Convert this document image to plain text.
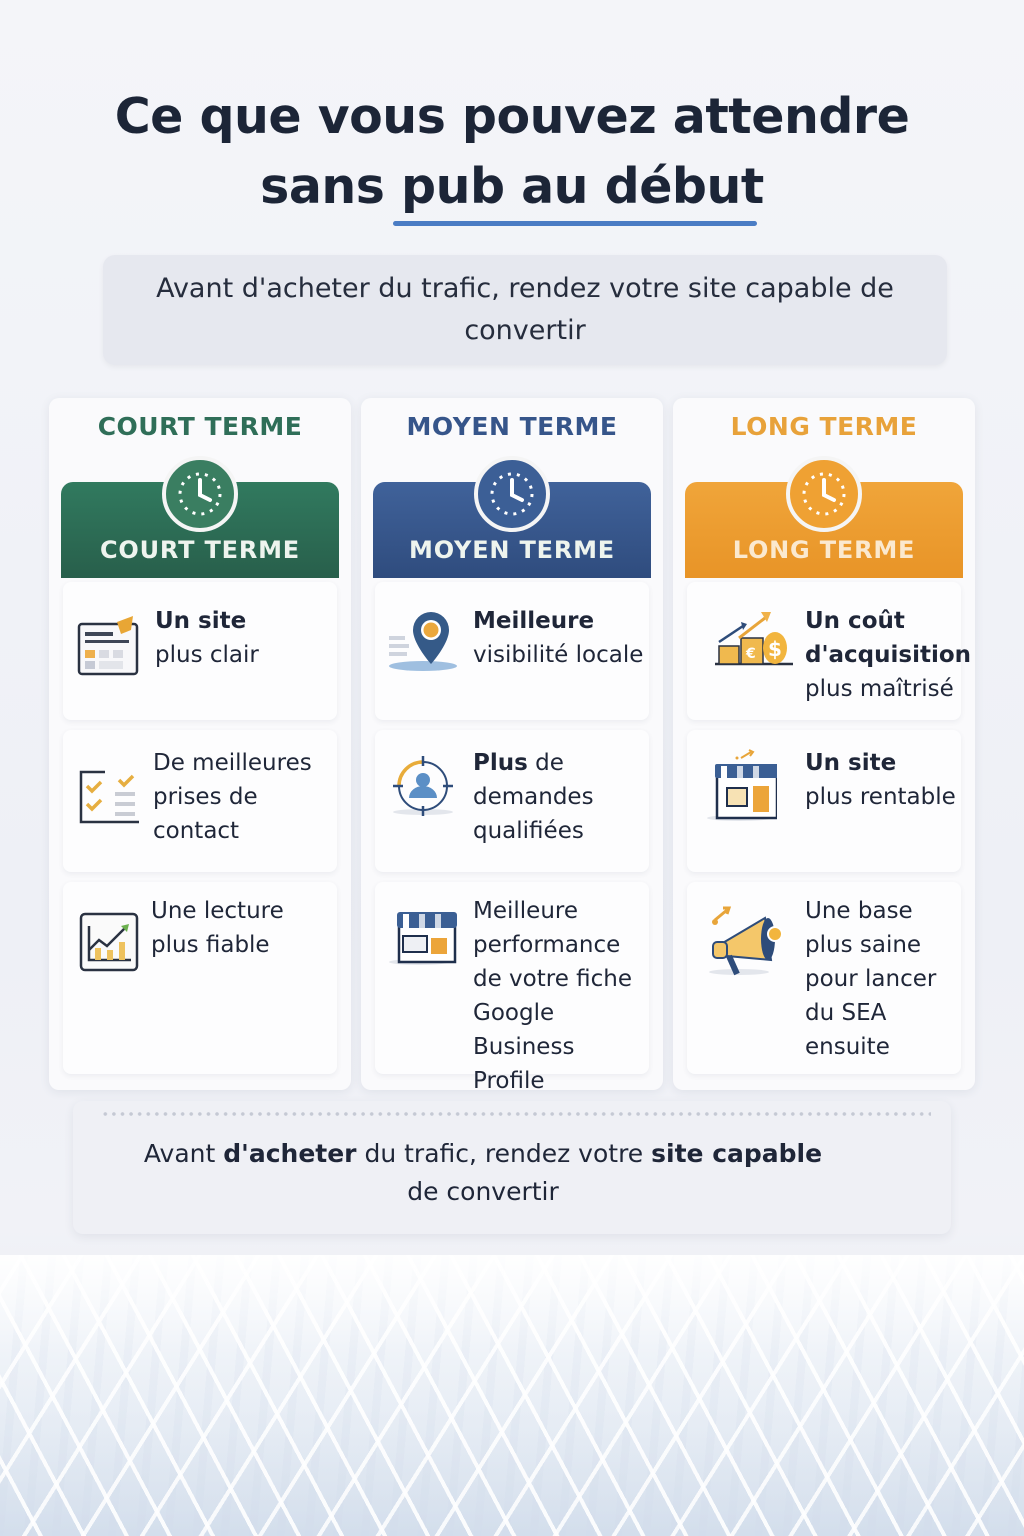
Ce que vous pouvez attendre
sans pub au début
Avant d'acheter du trafic, rendez votre site capable de convertir
COURT TERME
COURT TERME
Un site
plus clair
De meilleures prises de contact
Une lecture plus fiable
MOYEN TERME
MOYEN TERME
Meilleure
visibilité locale
Plus de demandes qualifiées
Meilleure performance de votre fiche Google Business Profile
LONG TERME
LONG TERME
€ $
Un coût d'acquisition
plus maîtrisé
Un site
plus rentable
Une base plus saine pour lancer du SEA ensuite
Avant d'acheter du trafic, rendez votre site capable
de convertir
